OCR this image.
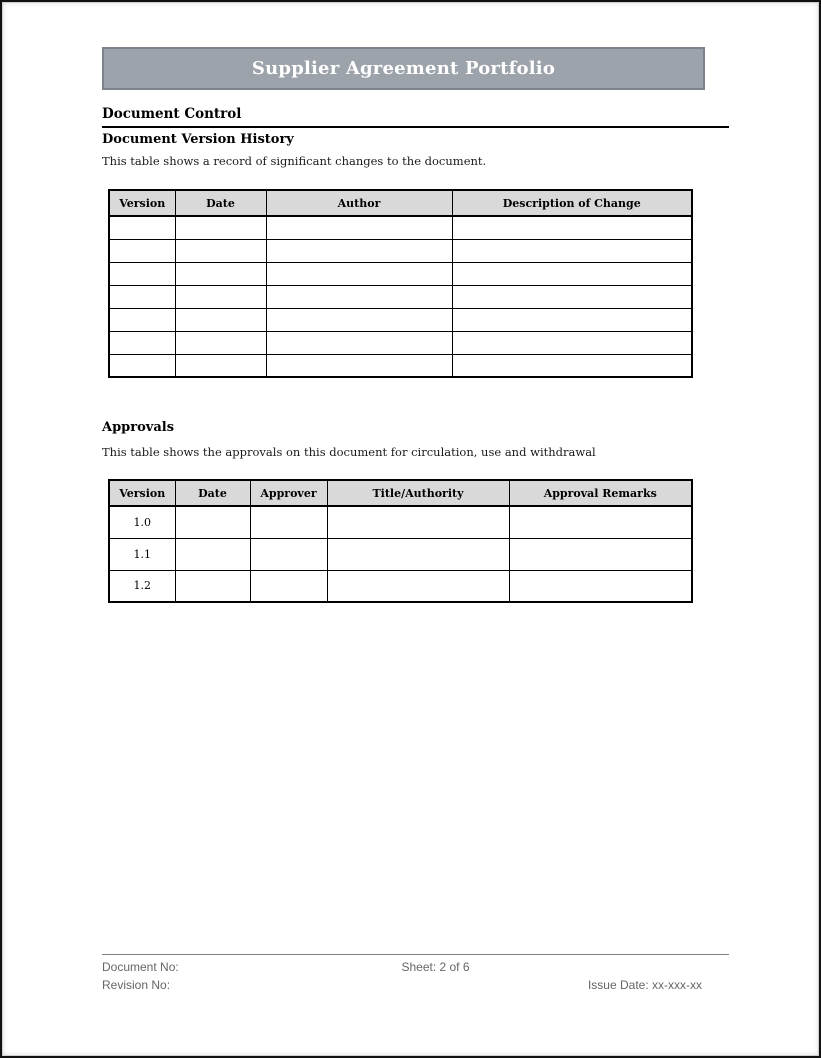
Supplier Agreement Portfolio
Document Control
Document Version History
This table shows a record of significant changes to the document.
Version	Date	Author	Description of Change

Approvals
This table shows the approvals on this document for circulation, use and withdrawal
Version	Date	Approver	Title/Authority	Approval Remarks
1.0				
1.1				
1.2				
Document No:	Sheet: 2 of 6
Revision No:	Issue Date: xx-xxx-xx
